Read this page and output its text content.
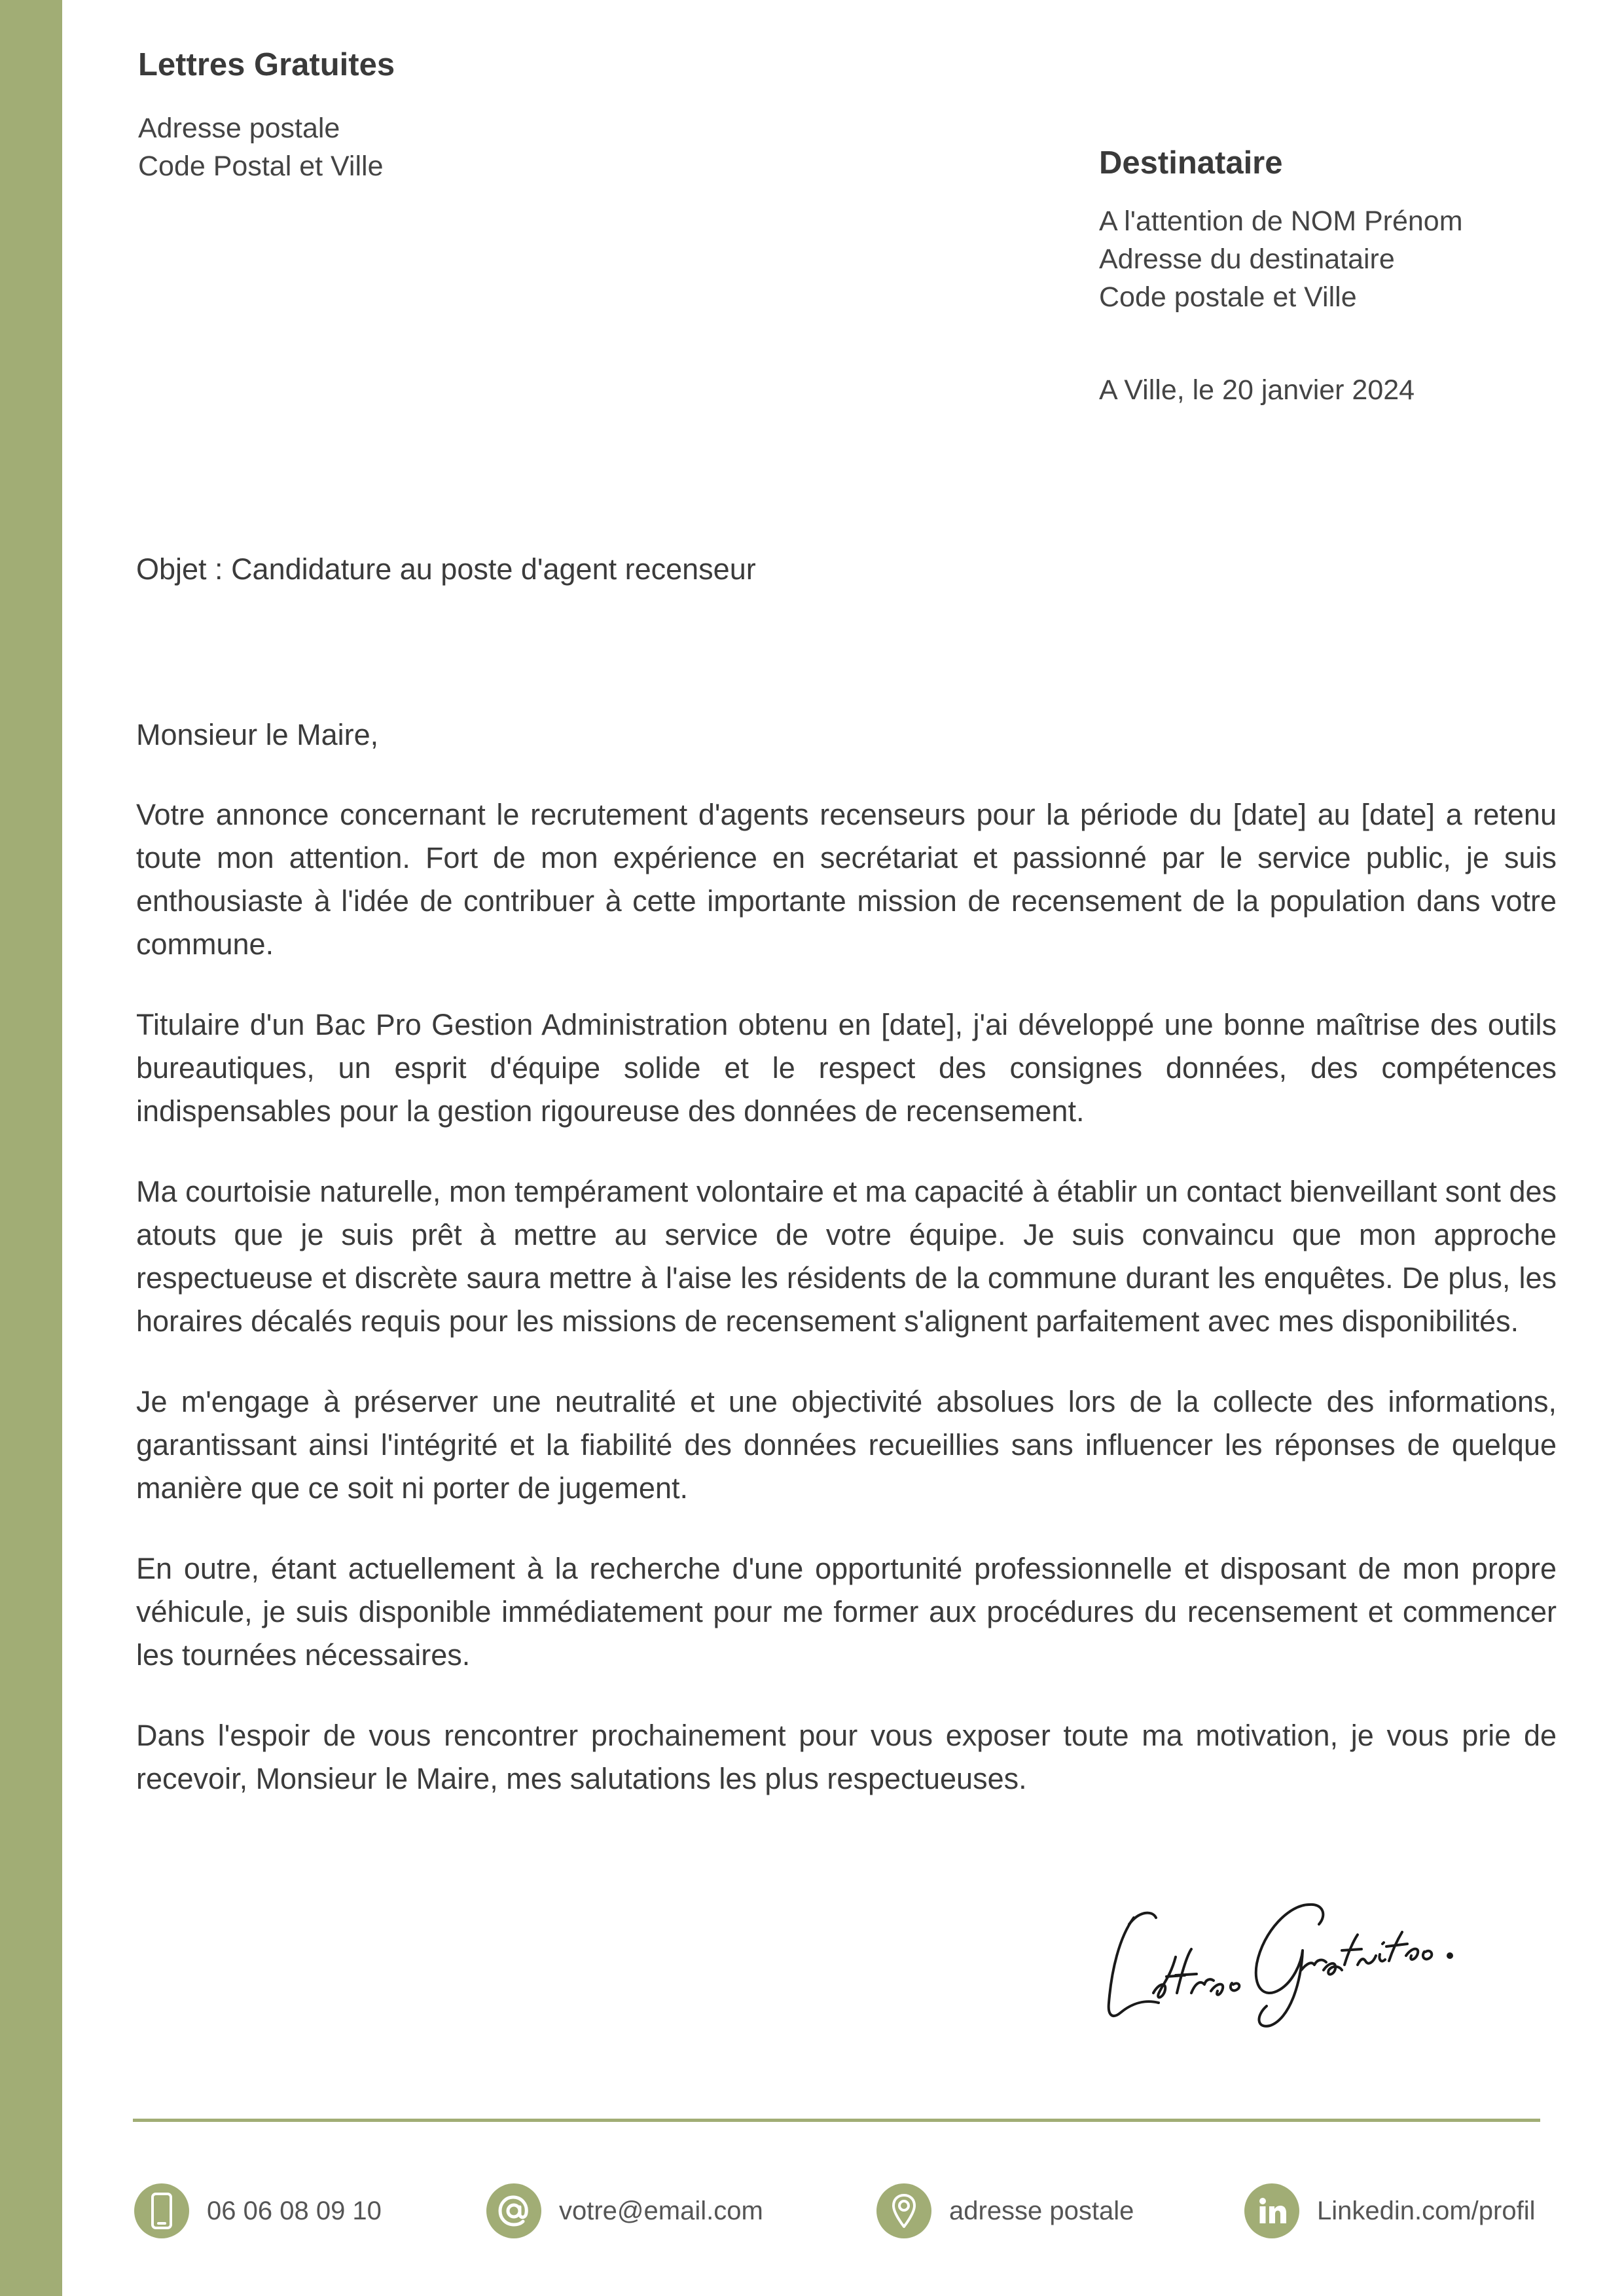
Lettres Gratuites
Adresse postale
Code Postal et Ville	Destinataire
A l'attention de NOM Prénom
Adresse du destinataire
Code postale et Ville
A Ville, le 20 janvier 2024
Objet : Candidature au poste d'agent recenseur

Monsieur le Maire,

Votre annonce concernant le recrutement d'agents recenseurs pour la période du [date] au [date] a retenu toute mon attention. Fort de mon expérience en secrétariat et passionné par le service public, je suis enthousiaste à l'idée de contribuer à cette importante mission de recensement de la population dans votre commune.

Titulaire d'un Bac Pro Gestion Administration obtenu en [date], j'ai développé une bonne maîtrise des outils bureautiques, un esprit d'équipe solide et le respect des consignes données, des compétences indispensables pour la gestion rigoureuse des données de recensement.

Ma courtoisie naturelle, mon tempérament volontaire et ma capacité à établir un contact bienveillant sont des atouts que je suis prêt à mettre au service de votre équipe. Je suis convaincu que mon approche respectueuse et discrète saura mettre à l'aise les résidents de la commune durant les enquêtes. De plus, les horaires décalés requis pour les missions de recensement s'alignent parfaitement avec mes disponibilités.

Je m'engage à préserver une neutralité et une objectivité absolues lors de la collecte des informations, garantissant ainsi l'intégrité et la fiabilité des données recueillies sans influencer les réponses de quelque manière que ce soit ni porter de jugement.

En outre, étant actuellement à la recherche d'une opportunité professionnelle et disposant de mon propre véhicule, je suis disponible immédiatement pour me former aux procédures du recensement et commencer les tournées nécessaires.

Dans l'espoir de vous rencontrer prochainement pour vous exposer toute ma motivation, je vous prie de recevoir, Monsieur le Maire, mes salutations les plus respectueuses.

06 06 08 09 10	votre@email.com	adresse postale	Linkedin.com/profil
